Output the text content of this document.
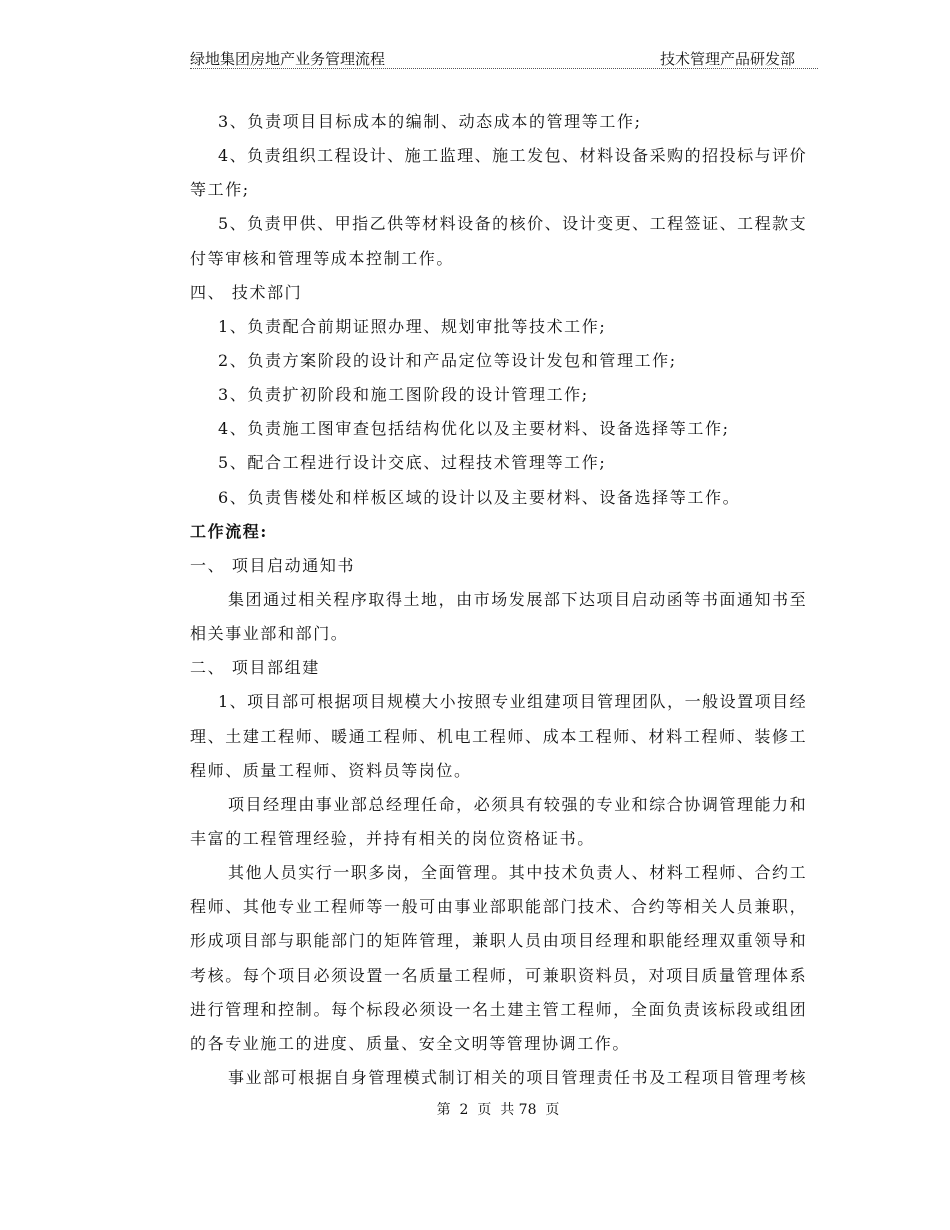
绿地集团房地产业务管理流程	技术管理产品研发部
3、负责项目目标成本的编制、动态成本的管理等工作;
4、负责组织工程设计、施工监理、施工发包、材料设备采购的招投标与评价
等工作;
5、负责甲供、甲指乙供等材料设备的核价、设计变更、工程签证、工程款支
付等审核和管理等成本控制工作。
四、 技术部门
1、负责配合前期证照办理、规划审批等技术工作;
2、负责方案阶段的设计和产品定位等设计发包和管理工作;
3、负责扩初阶段和施工图阶段的设计管理工作;
4、负责施工图审查包括结构优化以及主要材料、设备选择等工作;
5、配合工程进行设计交底、过程技术管理等工作;
6、负责售楼处和样板区域的设计以及主要材料、设备选择等工作。
工作流程:
一、 项目启动通知书
集团通过相关程序取得土地，由市场发展部下达项目启动函等书面通知书至
相关事业部和部门。
二、 项目部组建
1、项目部可根据项目规模大小按照专业组建项目管理团队，一般设置项目经
理、土建工程师、暖通工程师、机电工程师、成本工程师、材料工程师、装修工
程师、质量工程师、资料员等岗位。
项目经理由事业部总经理任命，必须具有较强的专业和综合协调管理能力和
丰富的工程管理经验，并持有相关的岗位资格证书。
其他人员实行一职多岗，全面管理。其中技术负责人、材料工程师、合约工
程师、其他专业工程师等一般可由事业部职能部门技术、合约等相关人员兼职，
形成项目部与职能部门的矩阵管理，兼职人员由项目经理和职能经理双重领导和
考核。每个项目必须设置一名质量工程师，可兼职资料员，对项目质量管理体系
进行管理和控制。每个标段必须设一名土建主管工程师，全面负责该标段或组团
的各专业施工的进度、质量、安全文明等管理协调工作。
事业部可根据自身管理模式制订相关的项目管理责任书及工程项目管理考核
第  2  页  共 78  页
